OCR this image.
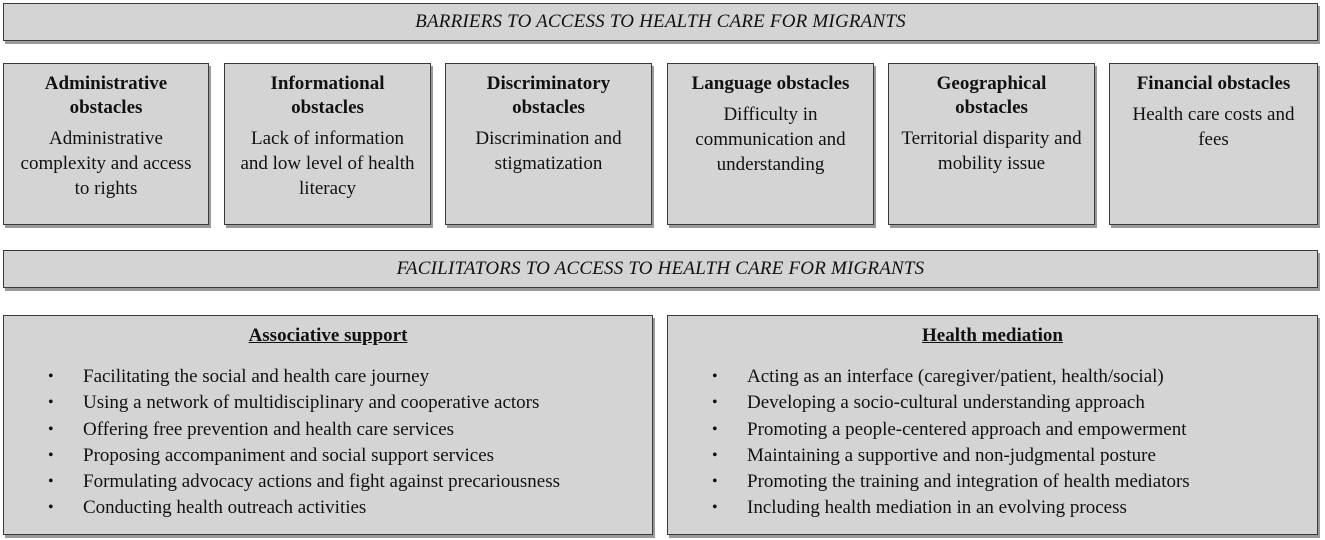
BARRIERS TO ACCESS TO HEALTH CARE FOR MIGRANTS
Administrative obstacles
Administrative complexity and access to rights
Informational obstacles
Lack of information and low level of health literacy
Discriminatory obstacles
Discrimination and stigmatization
Language obstacles
Difficulty in communication and understanding
Geographical obstacles
Territorial disparity and mobility issue
Financial obstacles
Health care costs and fees
FACILITATORS TO ACCESS TO HEALTH CARE FOR MIGRANTS
Associative support
• Facilitating the social and health care journey
• Using a network of multidisciplinary and cooperative actors
• Offering free prevention and health care services
• Proposing accompaniment and social support services
• Formulating advocacy actions and fight against precariousness
• Conducting health outreach activities
Health mediation
• Acting as an interface (caregiver/patient, health/social)
• Developing a socio-cultural understanding approach
• Promoting a people-centered approach and empowerment
• Maintaining a supportive and non-judgmental posture
• Promoting the training and integration of health mediators
• Including health mediation in an evolving process
